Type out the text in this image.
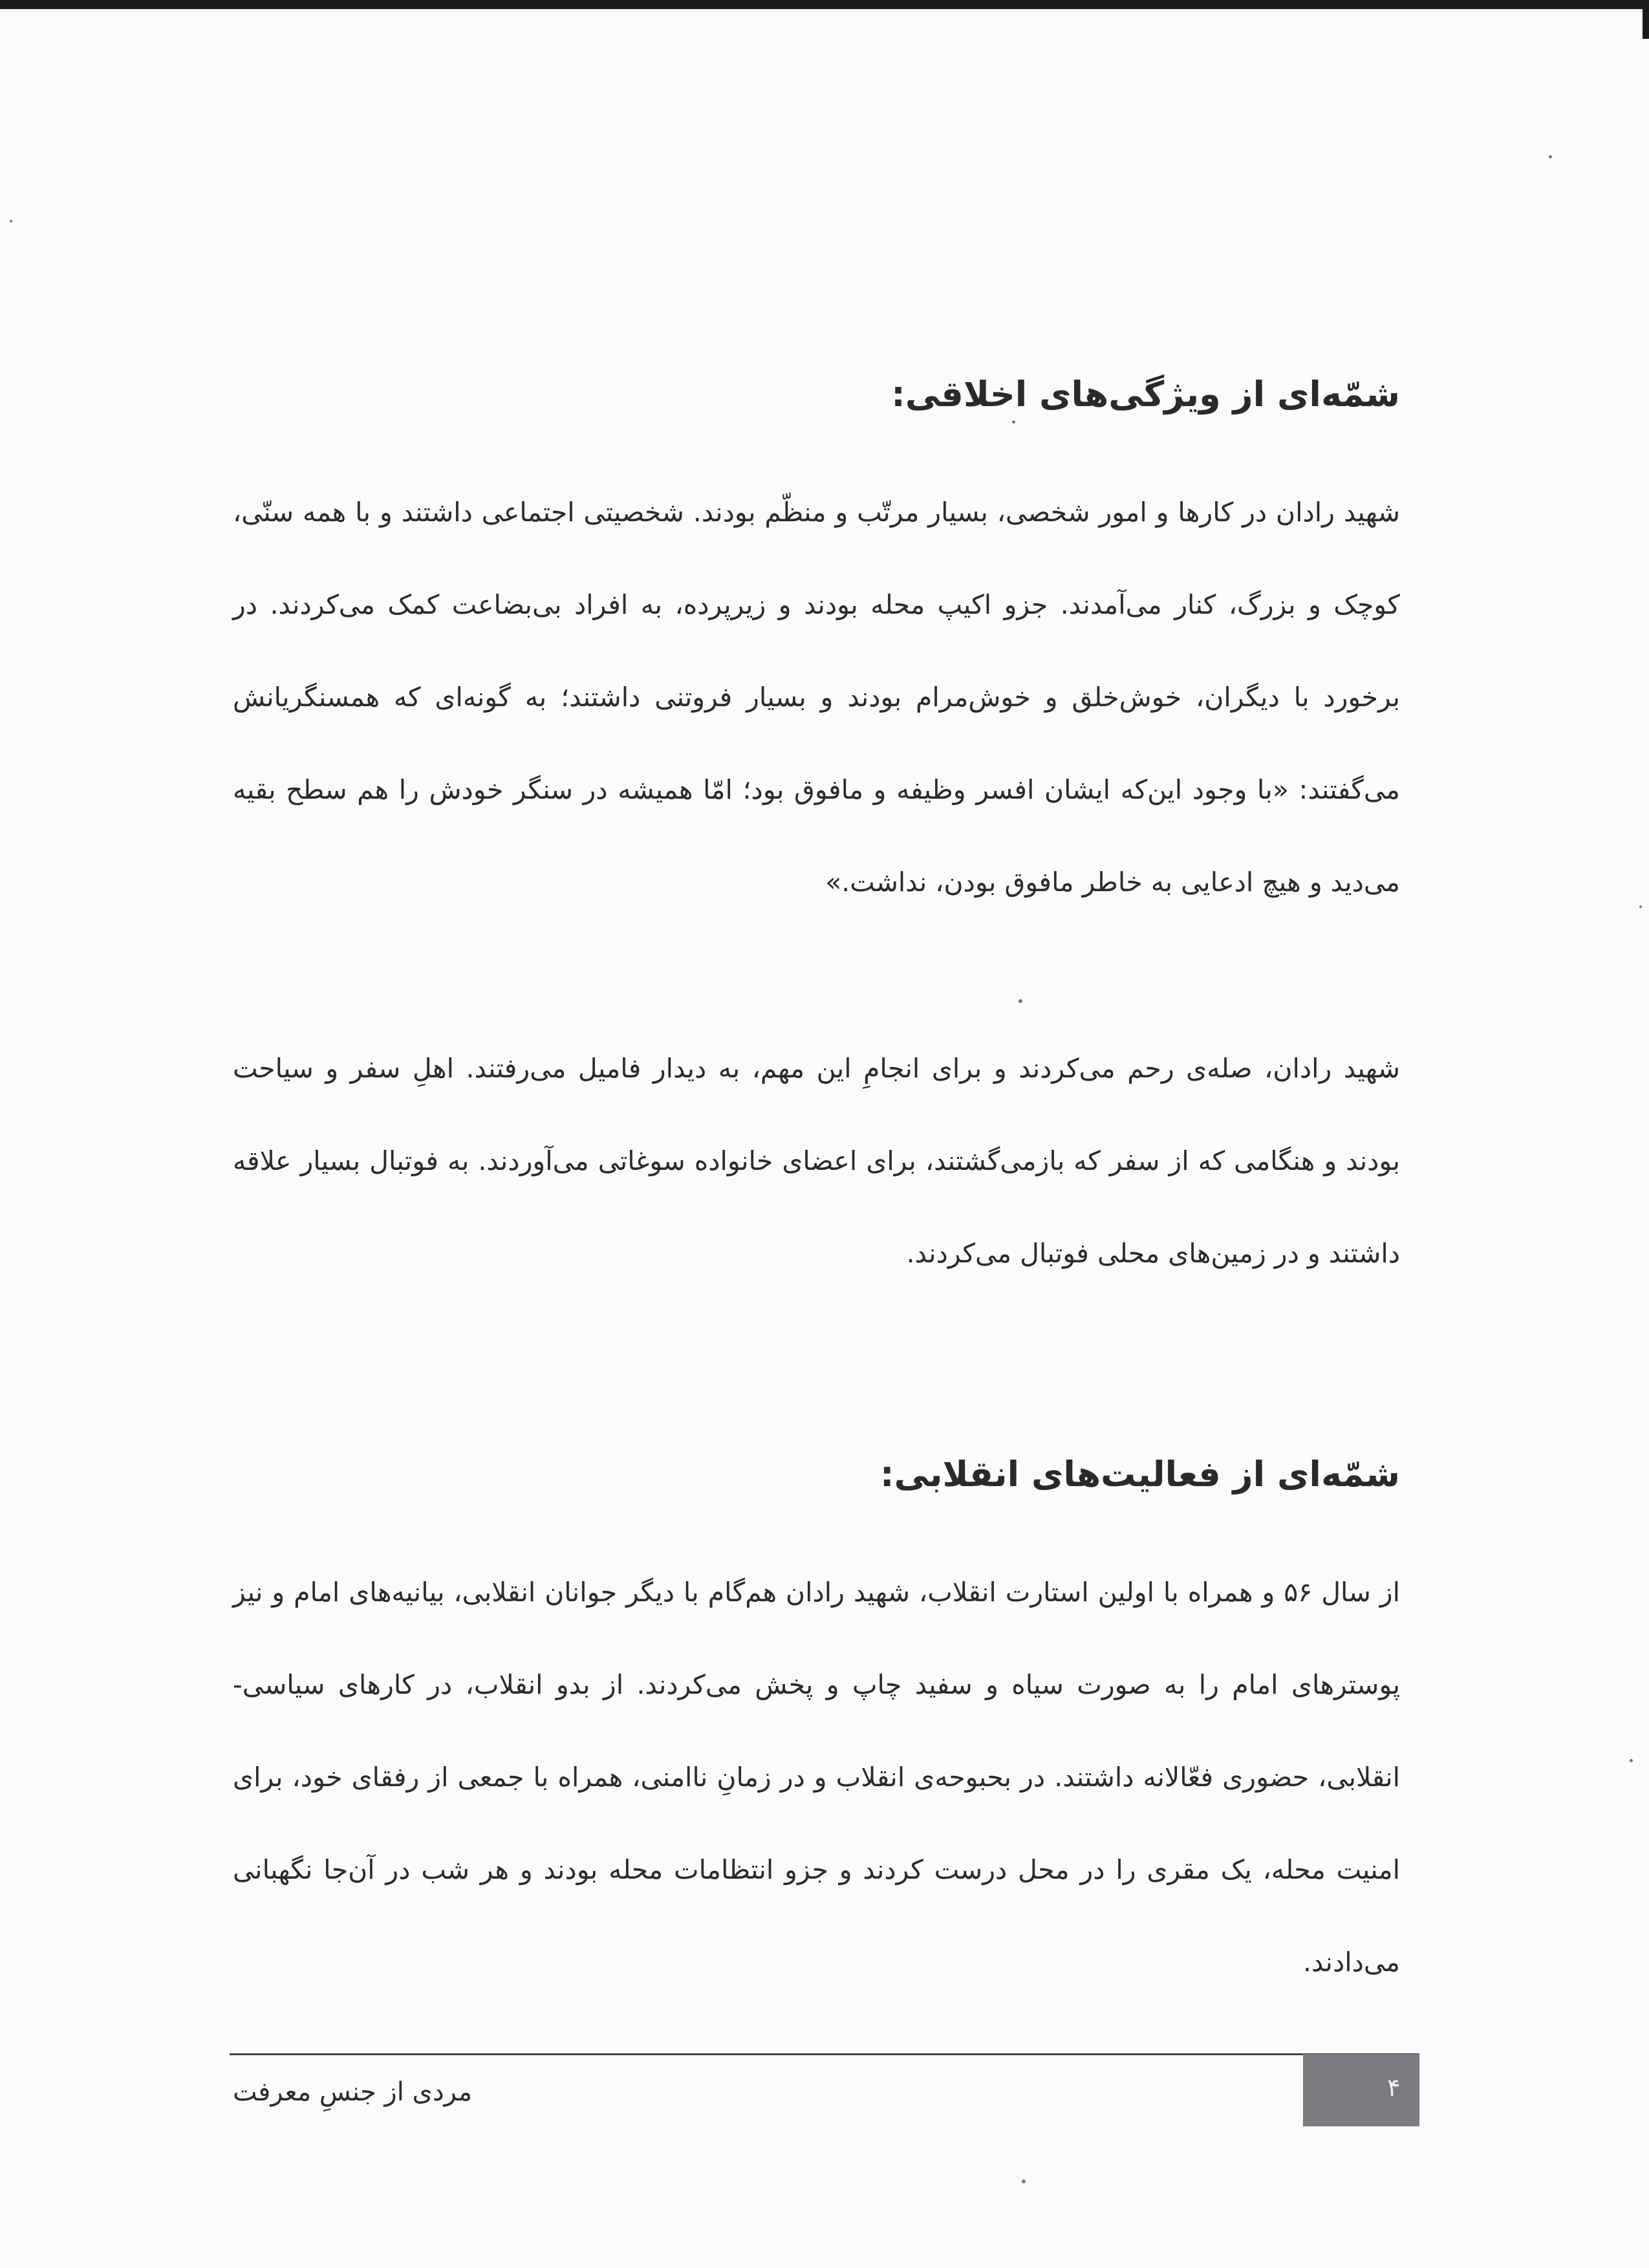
شمّه‌ای از ویژگی‌های اخلاقی:

شهید رادان در کارها و امور شخصی، بسیار مرتّب و منظّم بودند. شخصیتی اجتماعی داشتند و با همه سنّی، کوچک و بزرگ، کنار می‌آمدند. جزو اکیپ محله بودند و زیرپرده، به افراد بی‌بضاعت کمک می‌کردند. در برخورد با دیگران، خوش‌خلق و خوش‌مرام بودند و بسیار فروتنی داشتند؛ به گونه‌ای که همسنگریانش می‌گفتند: «با وجود این‌که ایشان افسر وظیفه و مافوق بود؛ امّا همیشه در سنگر خودش را هم سطح بقیه می‌دید و هیچ ادعایی به خاطر مافوق بودن، نداشت.»

شهید رادان، صله‌ی رحم می‌کردند و برای انجامِ این مهم، به دیدار فامیل می‌رفتند. اهلِ سفر و سیاحت بودند و هنگامی که از سفر که بازمی‌گشتند، برای اعضای خانواده سوغاتی می‌آوردند. به فوتبال بسیار علاقه داشتند و در زمین‌های محلی فوتبال می‌کردند.

شمّه‌ای از فعالیت‌های انقلابی:

از سال ۵۶ و همراه با اولین استارت انقلاب، شهید رادان هم‌گام با دیگر جوانان انقلابی، بیانیه‌های امام و نیز پوسترهای امام را به صورت سیاه و سفید چاپ و پخش می‌کردند. از بدو انقلاب، در کارهای سیاسی-انقلابی، حضوری فعّالانه داشتند. در بحبوحه‌ی انقلاب و در زمانِ ناامنی، همراه با جمعی از رفقای خود، برای امنیت محله، یک مقری را در محل درست کردند و جزو انتظامات محله بودند و هر شب در آن‌جا نگهبانی می‌دادند.

مردی از جنسِ معرفت	۴
